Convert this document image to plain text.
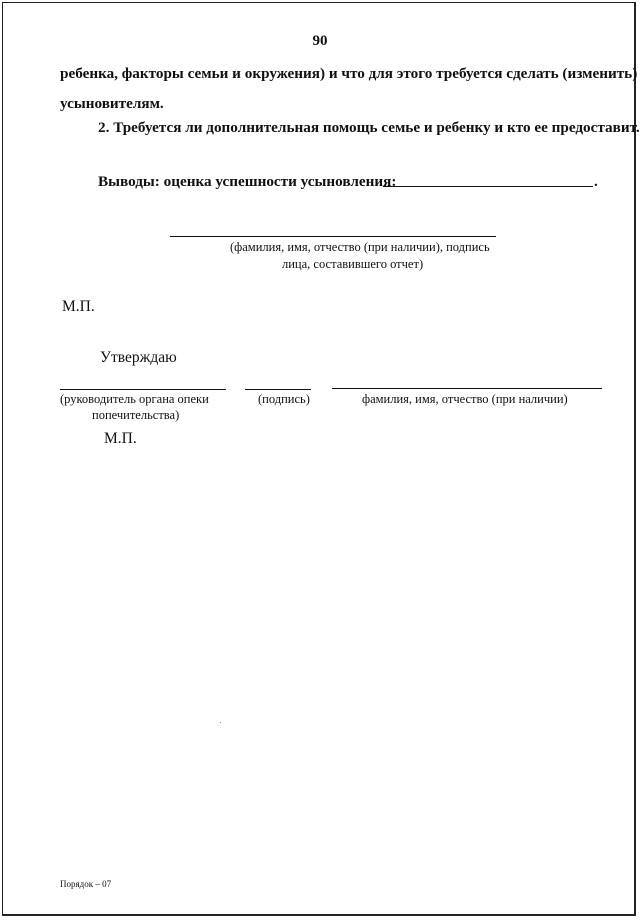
90
ребенка, факторы семьи и окружения) и что для этого требуется сделать (изменить)
усыновителям.
2. Требуется ли дополнительная помощь семье и ребенку и кто ее предоставит.
Выводы: оценка успешности усыновления:	.
(фамилия, имя, отчество (при наличии), подпись
лица, составившего отчет)
М.П.
Утверждаю
(руководитель органа опеки
попечительства)
(подпись)	фамилия, имя, отчество (при наличии)
М.П.
Порядок – 07
